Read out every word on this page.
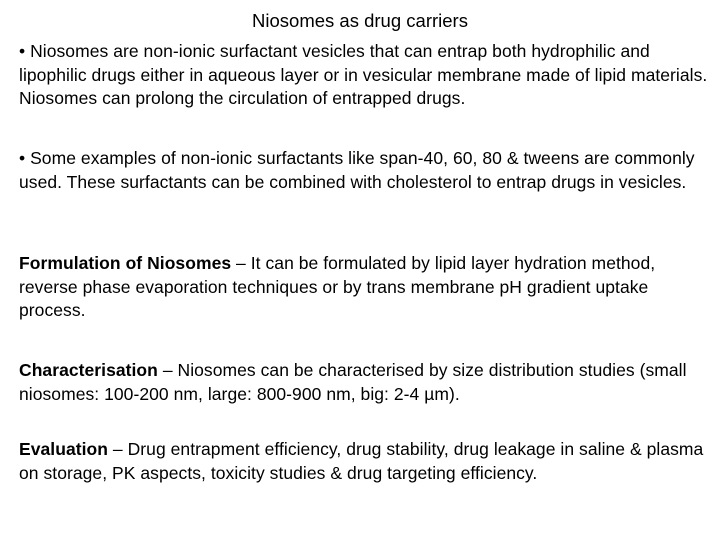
Niosomes as drug carriers

• Niosomes are non-ionic surfactant vesicles that can entrap both hydrophilic and lipophilic drugs either in aqueous layer or in vesicular membrane made of lipid materials. Niosomes can prolong the circulation of entrapped drugs.

• Some examples of non-ionic surfactants like span-40, 60, 80 & tweens are commonly used. These surfactants can be combined with cholesterol to entrap drugs in vesicles.

Formulation of Niosomes – It can be formulated by lipid layer hydration method, reverse phase evaporation techniques or by trans membrane pH gradient uptake process.

Characterisation – Niosomes can be characterised by size distribution studies (small niosomes: 100-200 nm, large: 800-900 nm, big: 2-4 µm).

Evaluation – Drug entrapment efficiency, drug stability, drug leakage in saline & plasma on storage, PK aspects, toxicity studies & drug targeting efficiency.
